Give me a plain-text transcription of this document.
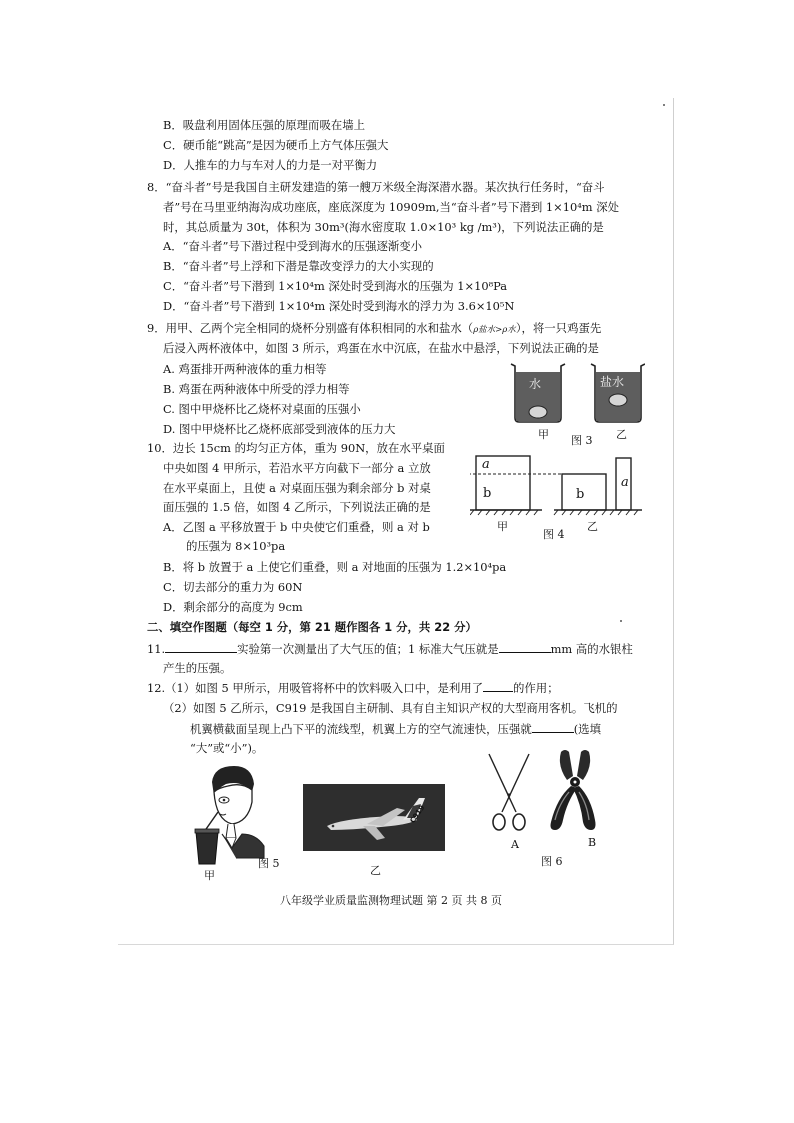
B．吸盘利用固体压强的原理而吸在墙上
C．硬币能“跳高”是因为硬币上方气体压强大
D．人推车的力与车对人的力是一对平衡力
8．“奋斗者”号是我国自主研发建造的第一艘万米级全海深潜水器。某次执行任务时，“奋斗
者”号在马里亚纳海沟成功座底，座底深度为 10909m,当“奋斗者”号下潜到 1×10⁴m 深处
时，其总质量为 30t，体积为 30m³(海水密度取 1.0×10³ kg /m³)，下列说法正确的是
A．“奋斗者”号下潜过程中受到海水的压强逐渐变小
B．“奋斗者”号上浮和下潜是靠改变浮力的大小实现的
C．“奋斗者”号下潜到 1×10⁴m 深处时受到海水的压强为 1×10⁸Pa
D．“奋斗者”号下潜到 1×10⁴m 深处时受到海水的浮力为 3.6×10⁵N
9．用甲、乙两个完全相同的烧杯分别盛有体积相同的水和盐水（ρ盐水>ρ水），将一只鸡蛋先
后浸入两杯液体中，如图 3 所示，鸡蛋在水中沉底，在盐水中悬浮，下列说法正确的是
A. 鸡蛋排开两种液体的重力相等
B. 鸡蛋在两种液体中所受的浮力相等
C. 图中甲烧杯比乙烧杯对桌面的压强小
D. 图中甲烧杯比乙烧杯底部受到液体的压力大
水	盐水
甲 图 3 乙
10．边长 15cm 的均匀正方体，重为 90N，放在水平桌面
中央如图 4 甲所示，若沿水平方向截下一部分 a 立放
在水平桌面上，且使 a 对桌面压强为剩余部分 b 对桌
面压强的 1.5 倍，如图 4 乙所示，下列说法正确的是
A．乙图 a 平移放置于 b 中央使它们重叠，则 a 对 b
的压强为 8×10³pa
B．将 b 放置于 a 上使它们重叠，则 a 对地面的压强为 1.2×10⁴pa
C．切去部分的重力为 60N
D．剩余部分的高度为 9cm
a
b	b
a
甲
图 4
乙
二、填空作图题（每空 1 分，第 21 题作图各 1 分，共 22 分）
11.	实验第一次测量出了大气压的值；1 标准大气压就是	mm 高的水银柱
产生的压强。
12.（1）如图 5 甲所示，用吸管将杯中的饮料吸入口中，是利用了	的作用；
（2）如图 5 乙所示，C919 是我国自主研制、具有自主知识产权的大型商用客机。飞机的
机翼横截面呈现上凸下平的流线型，机翼上方的空气流速快，压强就	(选填
“大”或“小”)。
甲
图 5
C919
乙
A	B
图 6
八年级学业质量监测物理试题 第 2 页 共 8 页
